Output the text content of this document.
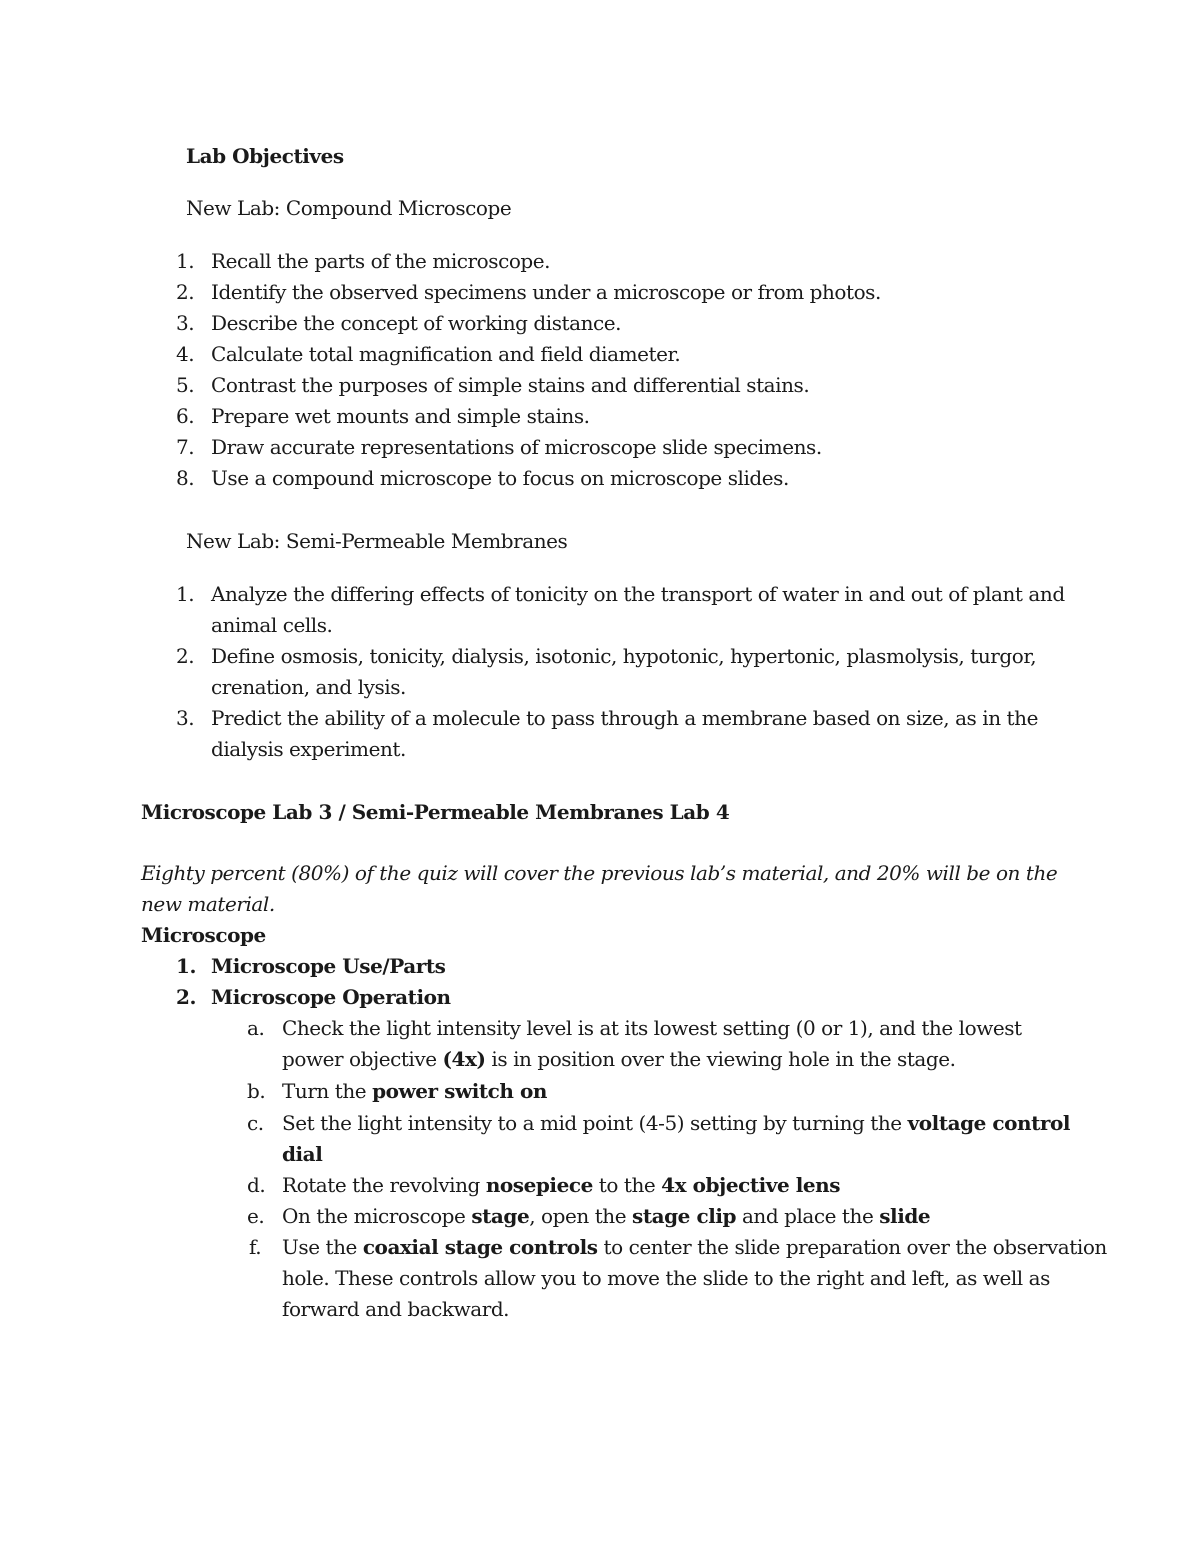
Lab Objectives
New Lab: Compound Microscope
1. Recall the parts of the microscope.
2. Identify the observed specimens under a microscope or from photos.
3. Describe the concept of working distance.
4. Calculate total magnification and field diameter.
5. Contrast the purposes of simple stains and differential stains.
6. Prepare wet mounts and simple stains.
7. Draw accurate representations of microscope slide specimens.
8. Use a compound microscope to focus on microscope slides.
New Lab: Semi-Permeable Membranes
1. Analyze the differing effects of tonicity on the transport of water in and out of plant and
animal cells.
2. Define osmosis, tonicity, dialysis, isotonic, hypotonic, hypertonic, plasmolysis, turgor,
crenation, and lysis.
3. Predict the ability of a molecule to pass through a membrane based on size, as in the
dialysis experiment.
Microscope Lab 3 / Semi-Permeable Membranes Lab 4
Eighty percent (80%) of the quiz will cover the previous lab’s material, and 20% will be on the
new material.
Microscope
1. Microscope Use/Parts
2. Microscope Operation
a. Check the light intensity level is at its lowest setting (0 or 1), and the lowest
power objective (4x) is in position over the viewing hole in the stage.
b. Turn the power switch on
c. Set the light intensity to a mid point (4-5) setting by turning the voltage control
dial
d. Rotate the revolving nosepiece to the 4x objective lens
e. On the microscope stage, open the stage clip and place the slide
f. Use the coaxial stage controls to center the slide preparation over the observation
hole. These controls allow you to move the slide to the right and left, as well as
forward and backward.
